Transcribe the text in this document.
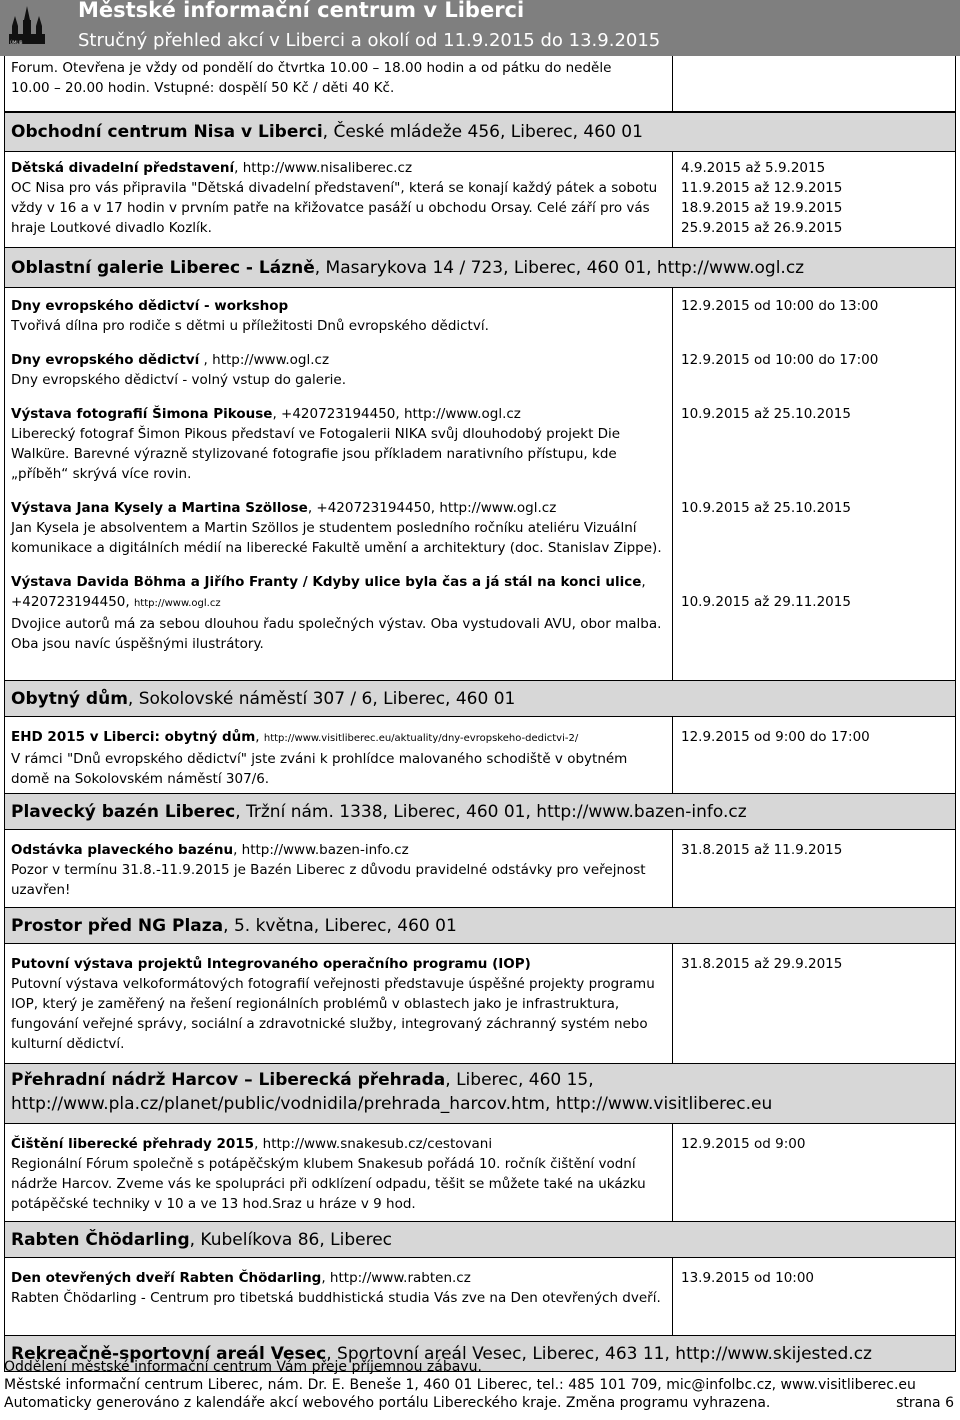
ÚMLIB
Městské informační centrum v Liberci
Stručný přehled akcí v Liberci a okolí od 11.9.2015 do 13.9.2015
Forum. Otevřena je vždy od pondělí do čtvrtka 10.00 – 18.00 hodin a od pátku do neděle
10.00 – 20.00 hodin. Vstupné: dospělí 50 Kč / děti 40 Kč.
Obchodní centrum Nisa v Liberci, České mládeže 456, Liberec, 460 01
Dětská divadelní představení, http://www.nisaliberec.cz
OC Nisa pro vás připravila "Dětská divadelní představení", která se konají každý pátek a sobotu vždy v 16 a v 17 hodin v prvním patře na křižovatce pasáží u obchodu Orsay. Celé září pro vás hraje Loutkové divadlo Kozlík.
4.9.2015 až 5.9.2015
11.9.2015 až 12.9.2015
18.9.2015 až 19.9.2015
25.9.2015 až 26.9.2015
Oblastní galerie Liberec - Lázně, Masarykova 14 / 723, Liberec, 460 01, http://www.ogl.cz
Dny evropského dědictví - workshop
Tvořivá dílna pro rodiče s dětmi u příležitosti Dnů evropského dědictví.
Dny evropského dědictví , http://www.ogl.cz
Dny evropského dědictví - volný vstup do galerie.
Výstava fotografií Šimona Pikouse, +420723194450, http://www.ogl.cz
Liberecký fotograf Šimon Pikous představí ve Fotogalerii NIKA svůj dlouhodobý projekt Die Walküre. Barevné výrazně stylizované fotografie jsou příkladem narativního přístupu, kde „příběh“ skrývá více rovin.
Výstava Jana Kysely a Martina Szöllose, +420723194450, http://www.ogl.cz
Jan Kysela je absolventem a Martin Szöllos je studentem posledního ročníku ateliéru Vizuální komunikace a digitálních médií na liberecké Fakultě umění a architektury (doc. Stanislav Zippe).
Výstava Davida Böhma a Jiřího Franty / Kdyby ulice byla čas a já stál na konci ulice, +420723194450, http://www.ogl.cz
Dvojice autorů má za sebou dlouhou řadu společných výstav. Oba vystudovali AVU, obor malba. Oba jsou navíc úspěšnými ilustrátory.
12.9.2015 od 10:00 do 13:00
12.9.2015 od 10:00 do 17:00
10.9.2015 až 25.10.2015
10.9.2015 až 25.10.2015
10.9.2015 až 29.11.2015
Obytný dům, Sokolovské náměstí 307 / 6, Liberec, 460 01
EHD 2015 v Liberci: obytný dům, http://www.visitliberec.eu/aktuality/dny-evropskeho-dedictvi-2/
V rámci "Dnů evropského dědictví" jste zváni k prohlídce malovaného schodiště v obytném domě na Sokolovském náměstí 307/6.
12.9.2015 od 9:00 do 17:00
Plavecký bazén Liberec, Tržní nám. 1338, Liberec, 460 01, http://www.bazen-info.cz
Odstávka plaveckého bazénu, http://www.bazen-info.cz
Pozor v termínu 31.8.-11.9.2015 je Bazén Liberec z důvodu pravidelné odstávky pro veřejnost uzavřen!
31.8.2015 až 11.9.2015
Prostor před NG Plaza, 5. května, Liberec, 460 01
Putovní výstava projektů Integrovaného operačního programu (IOP)
Putovní výstava velkoformátových fotografií veřejnosti představuje úspěšné projekty programu IOP, který je zaměřený na řešení regionálních problémů v oblastech jako je infrastruktura, fungování veřejné správy, sociální a zdravotnické služby, integrovaný záchranný systém nebo kulturní dědictví.
31.8.2015 až 29.9.2015
Přehradní nádrž Harcov – Liberecká přehrada, Liberec, 460 15, http://www.pla.cz/planet/public/vodnidila/prehrada_harcov.htm, http://www.visitliberec.eu
Čištění liberecké přehrady 2015, http://www.snakesub.cz/cestovani
Regionální Fórum společně s potápěčským klubem Snakesub pořádá 10. ročník čištění vodní nádrže Harcov. Zveme vás ke spolupráci při odklízení odpadu, těšit se můžete také na ukázku potápěčské techniky v 10 a ve 13 hod.Sraz u hráze v 9 hod.
12.9.2015 od 9:00
Rabten Čhödarling, Kubelíkova 86, Liberec
Den otevřených dveří Rabten Čhödarling, http://www.rabten.cz
Rabten Čhödarling - Centrum pro tibetská buddhistická studia Vás zve na Den otevřených dveří.
13.9.2015 od 10:00
Rekreačně-sportovní areál Vesec, Sportovní areál Vesec, Liberec, 463 11, http://www.skijested.cz
Oddělení městské informační centrum Vám přeje příjemnou zábavu.
Městské informační centrum Liberec, nám. Dr. E. Beneše 1, 460 01 Liberec, tel.: 485 101 709, mic@infolbc.cz, www.visitliberec.eu
Automaticky generováno z kalendáře akcí webového portálu Libereckého kraje. Změna programu vyhrazena.	strana 6
